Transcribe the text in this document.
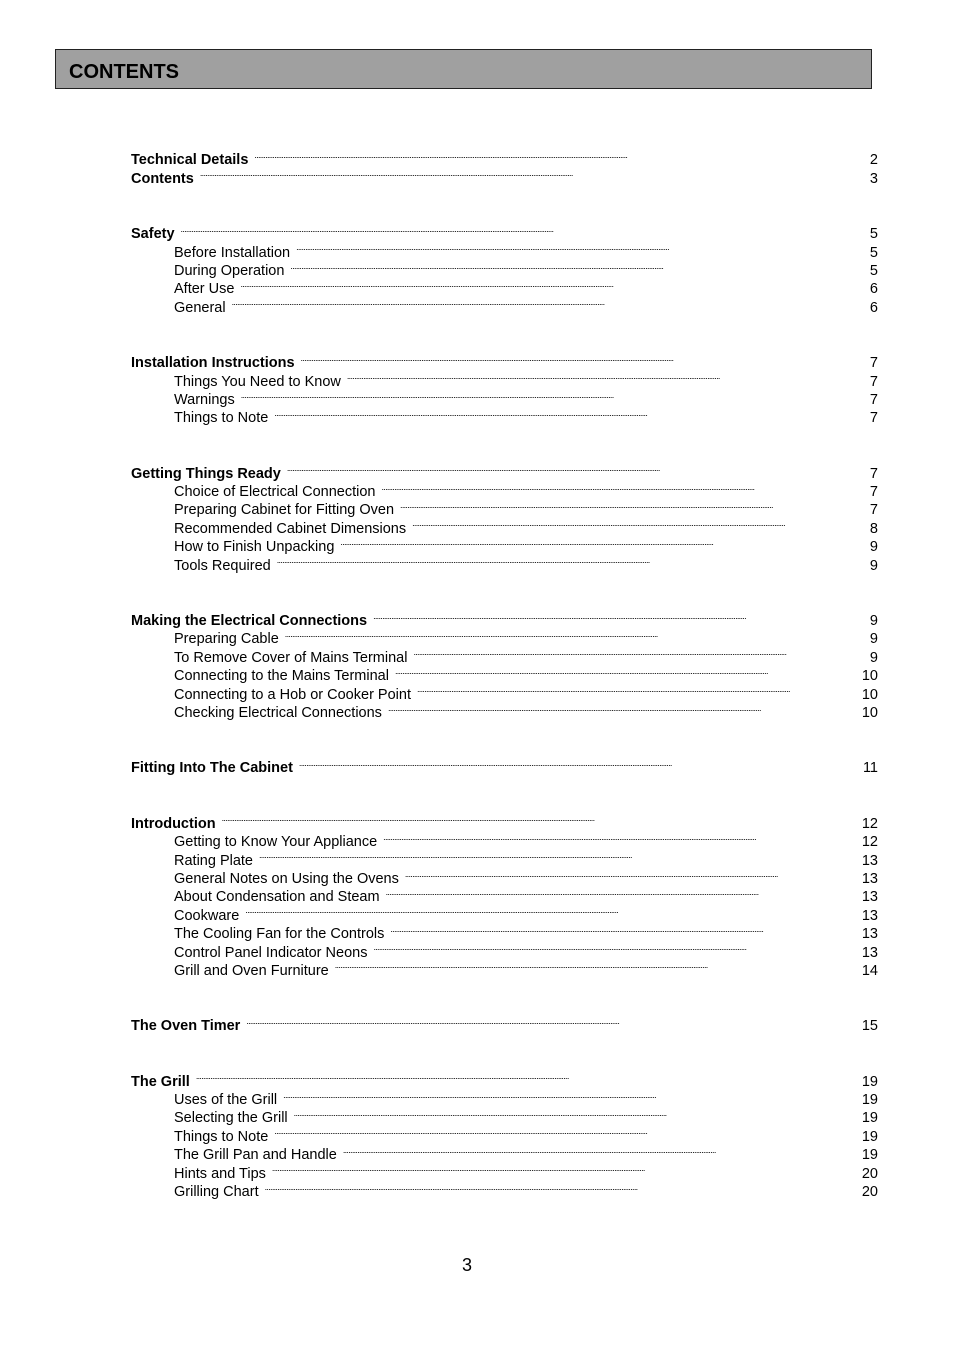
CONTENTS
Technical Details . . .	2
Contents . . .	3
Safety . . .	5
Before Installation . . .	5
During Operation . . .	5
After Use . . .	6
General . . .	6
Installation Instructions . . .	7
Things You Need to Know . . .	7
Warnings . . .	7
Things to Note . . .	7
Getting Things Ready . . .	7
Choice of Electrical Connection . . .	7
Preparing Cabinet for Fitting Oven . . .	7
Recommended Cabinet Dimensions . . .	8
How to Finish Unpacking . . .	9
Tools Required . . .	9
Making the Electrical Connections . . .	9
Preparing Cable . . .	9
To Remove Cover of Mains Terminal . . .	9
Connecting to the Mains Terminal . . .	10
Connecting to a Hob or Cooker Point . . .	10
Checking Electrical Connections . . .	10
Fitting Into The Cabinet . . .	11
Introduction . . .	12
Getting to Know Your Appliance . . .	12
Rating Plate . . .	13
General Notes on Using the Ovens . . .	13
About Condensation and Steam . . .	13
Cookware . . .	13
The Cooling Fan for the Controls . . .	13
Control Panel Indicator Neons . . .	13
Grill and Oven Furniture . . .	14
The Oven Timer . . .	15
The Grill . . .	19
Uses of the Grill . . .	19
Selecting the Grill . . .	19
Things to Note . . .	19
The Grill Pan and Handle . . .	19
Hints and Tips . . .	20
Grilling Chart . . .	20
3
